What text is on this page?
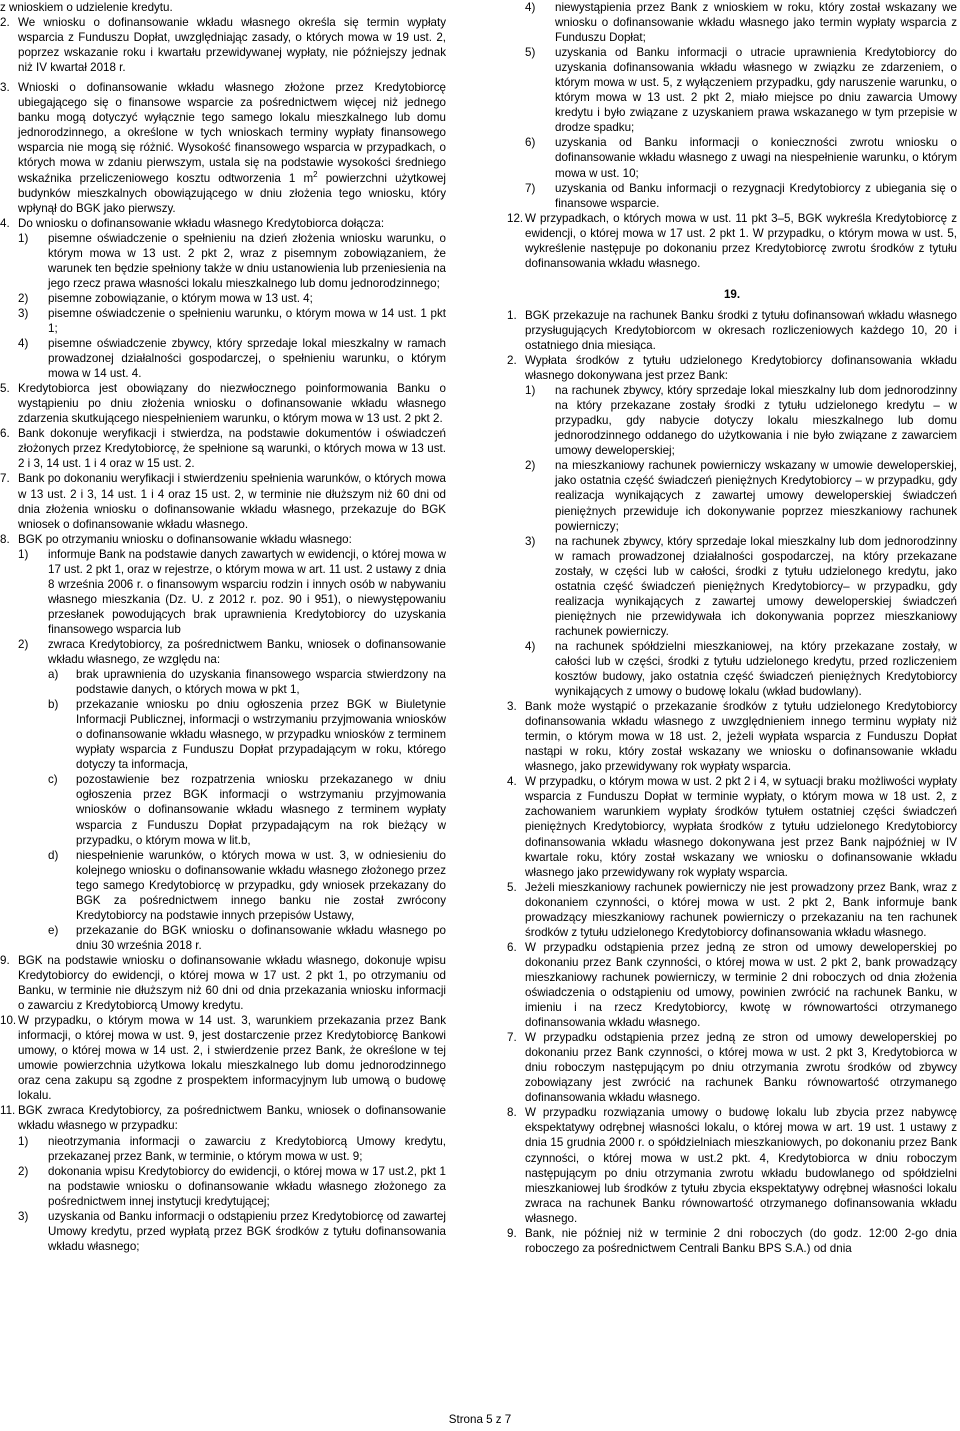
z wnioskiem o udzielenie kredytu.

2. We wniosku o dofinansowanie wkładu własnego określa się termin wypłaty wsparcia z Funduszu Dopłat, uwzględniając zasady, o których mowa w 19 ust. 2, poprzez wskazanie roku i kwartału przewidywanej wypłaty, nie późniejszy jednak niż IV kwartał 2018 r.

3. Wnioski o dofinansowanie wkładu własnego złożone przez Kredytobiorcę ubiegającego się o finansowe wsparcie za pośrednictwem więcej niż jednego banku mogą dotyczyć wyłącznie tego samego lokalu mieszkalnego lub domu jednorodzinnego, a określone w tych wnioskach terminy wypłaty finansowego wsparcia nie mogą się różnić. Wysokość finansowego wsparcia w przypadkach, o których mowa w zdaniu pierwszym, ustala się na podstawie wysokości średniego wskaźnika przeliczeniowego kosztu odtworzenia 1 $m^2$ powierzchni użytkowej budynków mieszkalnych obowiązującego w dniu złożenia tego wniosku, który wpłynął do BGK jako pierwszy.

4. Do wniosku o dofinansowanie wkładu własnego Kredytobiorca dołącza:

1) pisemne oświadczenie o spełnieniu na dzień złożenia wniosku warunku, o którym mowa w 13 ust. 2 pkt 2, wraz z pisemnym zobowiązaniem, że warunek ten będzie spełniony także w dniu ustanowienia lub przeniesienia na jego rzecz prawa własności lokalu mieszkalnego lub domu jednorodzinnego;

2) pisemne zobowiązanie, o którym mowa w 13 ust. 4;

3) pisemne oświadczenie o spełnieniu warunku, o którym mowa w 14 ust. 1 pkt 1;

4) pisemne oświadczenie zbywcy, który sprzedaje lokal mieszkalny w ramach prowadzonej działalności gospodarczej, o spełnieniu warunku, o którym mowa w 14 ust. 4.

5. Kredytobiorca jest obowiązany do niezwłocznego poinformowania Banku o wystąpieniu po dniu złożenia wniosku o dofinansowanie wkładu własnego zdarzenia skutkującego niespełnieniem warunku, o którym mowa w 13 ust. 2 pkt 2.

6. Bank dokonuje weryfikacji i stwierdza, na podstawie dokumentów i oświadczeń złożonych przez Kredytobiorcę, że spełnione są warunki, o których mowa w 13 ust. 2 i 3, 14 ust. 1 i 4 oraz w 15 ust. 2.

7. Bank po dokonaniu weryfikacji i stwierdzeniu spełnienia warunków, o których mowa w 13 ust. 2 i 3, 14 ust. 1 i 4 oraz 15 ust. 2, w terminie nie dłuższym niż 60 dni od dnia złożenia wniosku o dofinansowanie wkładu własnego, przekazuje do BGK wniosek o dofinansowanie wkładu własnego.

8. BGK po otrzymaniu wniosku o dofinansowanie wkładu własnego:

1) informuje Bank na podstawie danych zawartych w ewidencji, o której mowa w 17 ust. 2 pkt 1, oraz w rejestrze, o którym mowa w art. 11 ust. 2 ustawy z dnia 8 września 2006 r. o finansowym wsparciu rodzin i innych osób w nabywaniu własnego mieszkania (Dz. U. z 2012 r. poz. 90 i 951), o niewystępowaniu przesłanek powodujących brak uprawnienia Kredytobiorcy do uzyskania finansowego wsparcia lub

2) zwraca Kredytobiorcy, za pośrednictwem Banku, wniosek o dofinansowanie wkładu własnego, ze względu na:

a) brak uprawnienia do uzyskania finansowego wsparcia stwierdzony na podstawie danych, o których mowa w pkt 1,

b) przekazanie wniosku po dniu ogłoszenia przez BGK w Biuletynie Informacji Publicznej, informacji o wstrzymaniu przyjmowania wniosków o dofinansowanie wkładu własnego, w przypadku wniosków z terminem wypłaty wsparcia z Funduszu Dopłat przypadającym w roku, którego dotyczy ta informacja,

c) pozostawienie bez rozpatrzenia wniosku przekazanego w dniu ogłoszenia przez BGK informacji o wstrzymaniu przyjmowania wniosków o dofinansowanie wkładu własnego z terminem wypłaty wsparcia z Funduszu Dopłat przypadającym na rok bieżący w przypadku, o którym mowa w lit.b,

d) niespełnienie warunków, o których mowa w ust. 3, w odniesieniu do kolejnego wniosku o dofinansowanie wkładu własnego złożonego przez tego samego Kredytobiorcę w przypadku, gdy wniosek przekazany do BGK za pośrednictwem innego banku nie został zwrócony Kredytobiorcy na podstawie innych przepisów Ustawy,

e) przekazanie do BGK wniosku o dofinansowanie wkładu własnego po dniu 30 września 2018 r.

9. BGK na podstawie wniosku o dofinansowanie wkładu własnego, dokonuje wpisu Kredytobiorcy do ewidencji, o której mowa w 17 ust. 2 pkt 1, po otrzymaniu od Banku, w terminie nie dłuższym niż 60 dni od dnia przekazania wniosku informacji o zawarciu z Kredytobiorcą Umowy kredytu.

10. W przypadku, o którym mowa w 14 ust. 3, warunkiem przekazania przez Bank informacji, o której mowa w ust. 9, jest dostarczenie przez Kredytobiorcę Bankowi umowy, o której mowa w 14 ust. 2, i stwierdzenie przez Bank, że określone w tej umowie powierzchnia użytkowa lokalu mieszkalnego lub domu jednorodzinnego oraz cena zakupu są zgodne z prospektem informacyjnym lub umową o budowę lokalu.

11. BGK zwraca Kredytobiorcy, za pośrednictwem Banku, wniosek o dofinansowanie wkładu własnego w przypadku:

1) nieotrzymania informacji o zawarciu z Kredytobiorcą Umowy kredytu, przekazanej przez Bank, w terminie, o którym mowa w ust. 9;

2) dokonania wpisu Kredytobiorcy do ewidencji, o której mowa w 17 ust.2, pkt 1 na podstawie wniosku o dofinansowanie wkładu własnego złożonego za pośrednictwem innej instytucji kredytującej;

3) uzyskania od Banku informacji o odstąpieniu przez Kredytobiorcę od zawartej Umowy kredytu, przed wypłatą przez BGK środków z tytułu dofinansowania wkładu własnego;

4) niewystąpienia przez Bank z wnioskiem w roku, który został wskazany we wniosku o dofinansowanie wkładu własnego jako termin wypłaty wsparcia z Funduszu Dopłat;

5) uzyskania od Banku informacji o utracie uprawnienia Kredytobiorcy do uzyskania dofinansowania wkładu własnego w związku ze zdarzeniem, o którym mowa w ust. 5, z wyłączeniem przypadku, gdy naruszenie warunku, o którym mowa w 13 ust. 2 pkt 2, miało miejsce po dniu zawarcia Umowy kredytu i było związane z uzyskaniem prawa wskazanego w tym przepisie w drodze spadku;

6) uzyskania od Banku informacji o konieczności zwrotu wniosku o dofinansowanie wkładu własnego z uwagi na niespełnienie warunku, o którym mowa w ust. 10;

7) uzyskania od Banku informacji o rezygnacji Kredytobiorcy z ubiegania się o finansowe wsparcie.

12. W przypadkach, o których mowa w ust. 11 pkt 3–5, BGK wykreśla Kredytobiorcę z ewidencji, o której mowa w 17 ust. 2 pkt 1. W przypadku, o którym mowa w ust. 5, wykreślenie następuje po dokonaniu przez Kredytobiorcę zwrotu środków z tytułu dofinansowania wkładu własnego.

19.

1. BGK przekazuje na rachunek Banku środki z tytułu dofinansowań wkładu własnego przysługujących Kredytobiorcom w okresach rozliczeniowych każdego 10, 20 i ostatniego dnia miesiąca.

2. Wypłata środków z tytułu udzielonego Kredytobiorcy dofinansowania wkładu własnego dokonywana jest przez Bank:

1) na rachunek zbywcy, który sprzedaje lokal mieszkalny lub dom jednorodzinny na który przekazane zostały środki z tytułu udzielonego kredytu – w przypadku, gdy nabycie dotyczy lokalu mieszkalnego lub domu jednorodzinnego oddanego do użytkowania i nie było związane z zawarciem umowy deweloperskiej;

2) na mieszkaniowy rachunek powierniczy wskazany w umowie deweloperskiej, jako ostatnia część świadczeń pieniężnych Kredytobiorcy – w przypadku, gdy realizacja wynikających z zawartej umowy deweloperskiej świadczeń pieniężnych przewiduje ich dokonywanie poprzez mieszkaniowy rachunek powierniczy;

3) na rachunek zbywcy, który sprzedaje lokal mieszkalny lub dom jednorodzinny w ramach prowadzonej działalności gospodarczej, na który przekazane zostały, w części lub w całości, środki z tytułu udzielonego kredytu, jako ostatnia część świadczeń pieniężnych Kredytobiorcy– w przypadku, gdy realizacja wynikających z zawartej umowy deweloperskiej świadczeń pieniężnych nie przewidywała ich dokonywania poprzez mieszkaniowy rachunek powierniczy.

4) na rachunek spółdzielni mieszkaniowej, na który przekazane zostały, w całości lub w części, środki z tytułu udzielonego kredytu, przed rozliczeniem kosztów budowy, jako ostatnia część świadczeń pieniężnych Kredytobiorcy wynikających z umowy o budowę lokalu (wkład budowlany).

3. Bank może wystąpić o przekazanie środków z tytułu udzielonego Kredytobiorcy dofinansowania wkładu własnego z uwzględnieniem innego terminu wypłaty niż termin, o którym mowa w 18 ust. 2, jeżeli wypłata wsparcia z Funduszu Dopłat nastąpi w roku, który został wskazany we wniosku o dofinansowanie wkładu własnego, jako przewidywany rok wypłaty wsparcia.

4. W przypadku, o którym mowa w ust. 2 pkt 2 i 4, w sytuacji braku możliwości wypłaty wsparcia z Funduszu Dopłat w terminie wypłaty, o którym mowa w 18 ust. 2, z zachowaniem warunkiem wypłaty środków tytułem ostatniej części świadczeń pieniężnych Kredytobiorcy, wypłata środków z tytułu udzielonego Kredytobiorcy dofinansowania wkładu własnego dokonywana jest przez Bank najpóźniej w IV kwartale roku, który został wskazany we wniosku o dofinansowanie wkładu własnego jako przewidywany rok wypłaty wsparcia.

5. Jeżeli mieszkaniowy rachunek powierniczy nie jest prowadzony przez Bank, wraz z dokonaniem czynności, o której mowa w ust. 2 pkt 2, Bank informuje bank prowadzący mieszkaniowy rachunek powierniczy o przekazaniu na ten rachunek środków z tytułu udzielonego Kredytobiorcy dofinansowania wkładu własnego.

6. W przypadku odstąpienia przez jedną ze stron od umowy deweloperskiej po dokonaniu przez Bank czynności, o której mowa w ust. 2 pkt 2, bank prowadzący mieszkaniowy rachunek powierniczy, w terminie 2 dni roboczych od dnia złożenia oświadczenia o odstąpieniu od umowy, powinien zwrócić na rachunek Banku, w imieniu i na rzecz Kredytobiorcy, kwotę w równowartości otrzymanego dofinansowania wkładu własnego.

7. W przypadku odstąpienia przez jedną ze stron od umowy deweloperskiej po dokonaniu przez Bank czynności, o której mowa w ust. 2 pkt 3, Kredytobiorca w dniu roboczym następującym po dniu otrzymania zwrotu środków od zbywcy zobowiązany jest zwrócić na rachunek Banku równowartość otrzymanego dofinansowania wkładu własnego.

8. W przypadku rozwiązania umowy o budowę lokalu lub zbycia przez nabywcę ekspektatywy odrębnej własności lokalu, o której mowa w art. 19 ust. 1 ustawy z dnia 15 grudnia 2000 r. o spółdzielniach mieszkaniowych, po dokonaniu przez Bank czynności, o której mowa w ust.2 pkt. 4, Kredytobiorca w dniu roboczym następującym po dniu otrzymania zwrotu wkładu budowlanego od spółdzielni mieszkaniowej lub środków z tytułu zbycia ekspektatywy odrębnej własności lokalu zwraca na rachunek Banku równowartość otrzymanego dofinansowania wkładu własnego.

9. Bank, nie później niż w terminie 2 dni roboczych (do godz. 12:00 2-go dnia roboczego za pośrednictwem Centrali Banku BPS S.A.) od dnia

Strona 5 z 7
